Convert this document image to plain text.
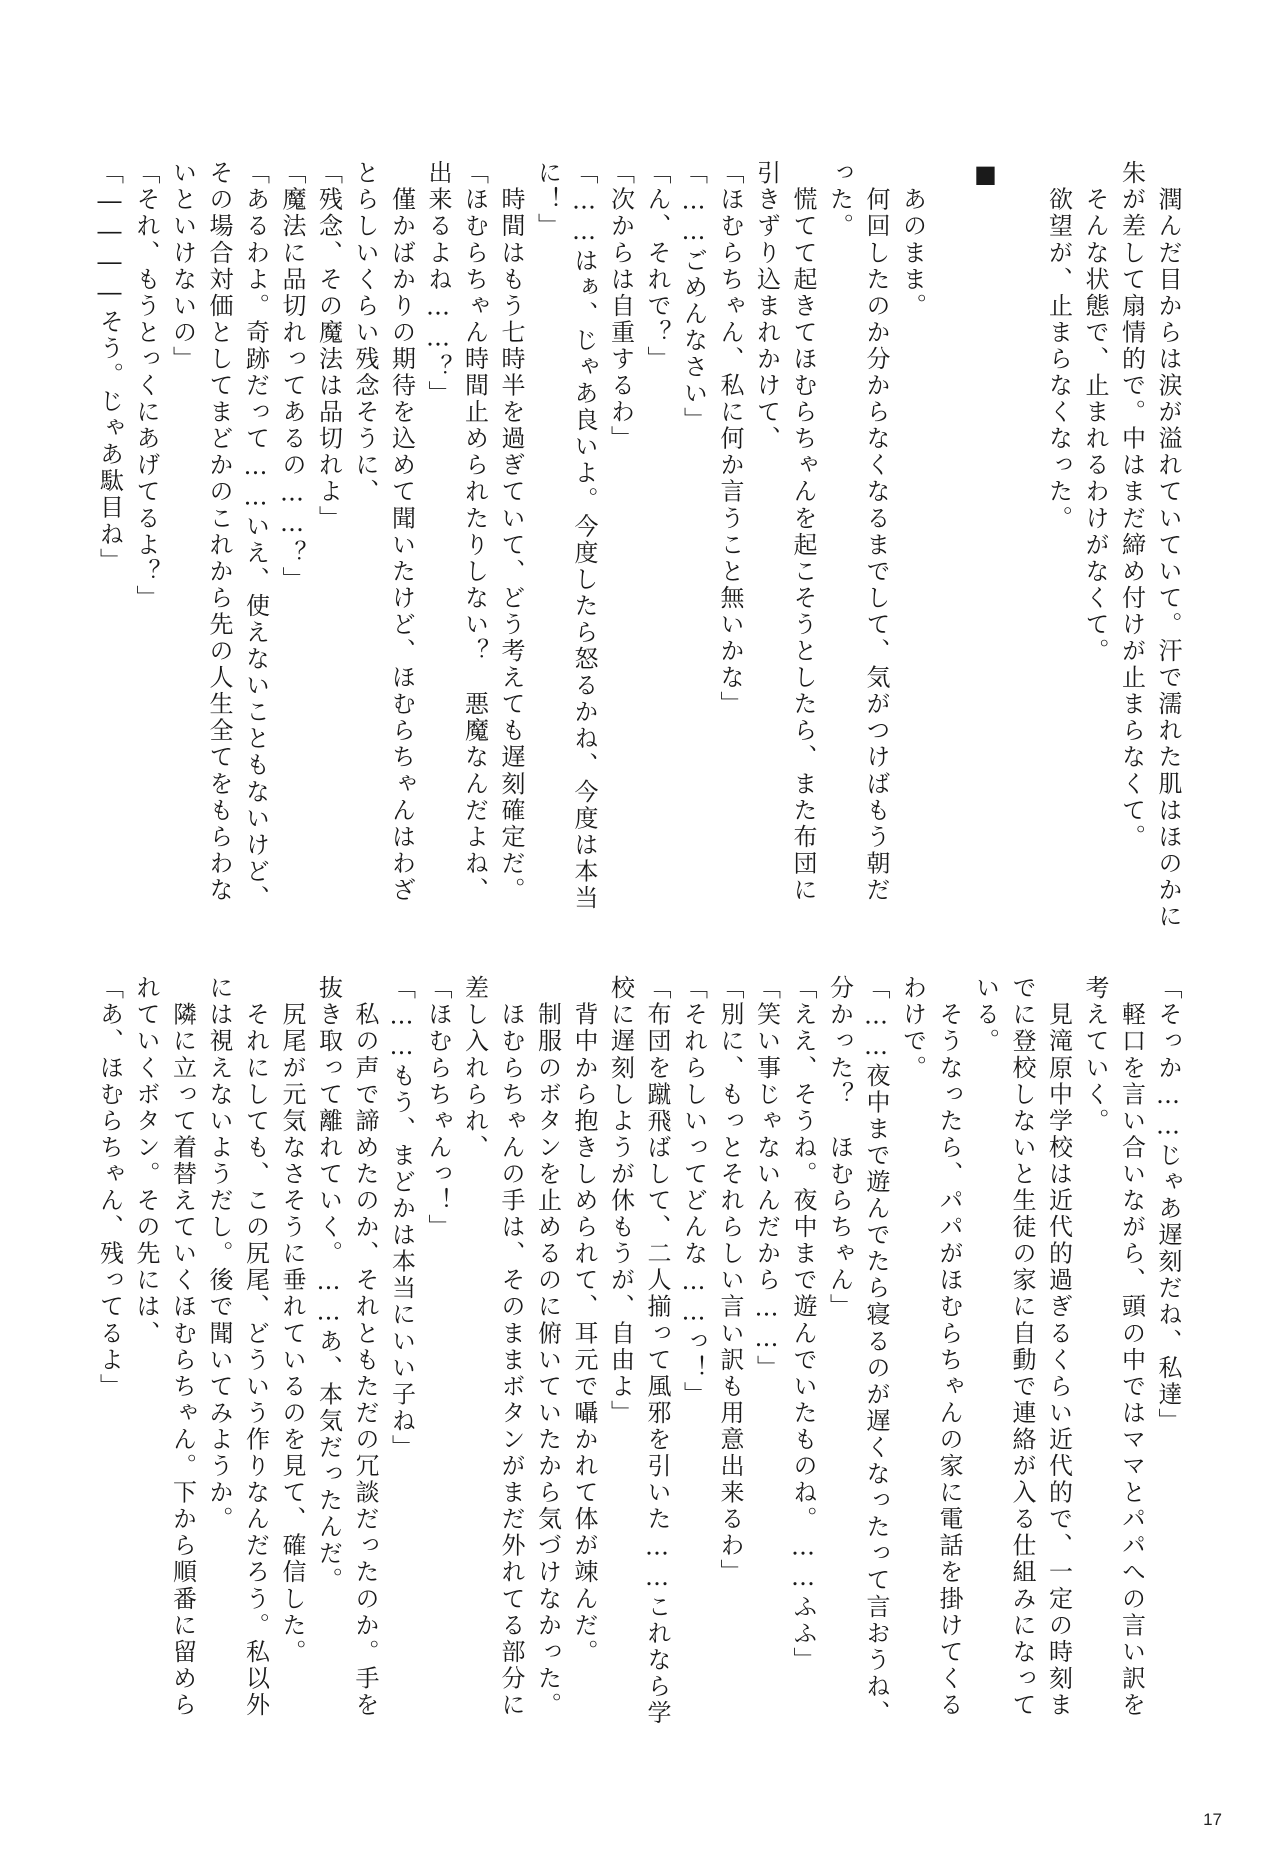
　潤んだ目からは涙が溢れていていて。汗で濡れた肌はほのかに
朱が差して扇情的で。中はまだ締め付けが止まらなくて。
　そんな状態で、止まれるわけがなくて。
　欲望が、止まらなくなった。
■
　あのまま。
　何回したのか分からなくなるまでして、気がつけばもう朝だ
った。
　慌てて起きてほむらちゃんを起こそうとしたら、また布団に
引きずり込まれかけて、
「ほむらちゃん、私に何か言うこと無いかな」
「……ごめんなさい」
「ん、それで？」
「次からは自重するわ」
「……はぁ、じゃあ良いよ。今度したら怒るかね、今度は本当
に！」
　時間はもう七時半を過ぎていて、どう考えても遅刻確定だ。
「ほむらちゃん時間止められたりしない？　悪魔なんだよね、
出来るよね……？」
　僅かばかりの期待を込めて聞いたけど、ほむらちゃんはわざ
とらしいくらい残念そうに、
「残念、その魔法は品切れよ」
「魔法に品切れってあるの……？」
「あるわよ。奇跡だって……いえ、使えないこともないけど、
その場合対価としてまどかのこれから先の人生全てをもらわな
いといけないの」
「それ、もうとっくにあげてるよ？」
「――――そう。じゃあ駄目ね」
「そっか……じゃあ遅刻だね、私達」
　軽口を言い合いながら、頭の中ではママとパパへの言い訳を
考えていく。
　見滝原中学校は近代的過ぎるくらい近代的で、一定の時刻ま
でに登校しないと生徒の家に自動で連絡が入る仕組みになって
いる。
　そうなったら、パパがほむらちゃんの家に電話を掛けてくる
わけで。
「……夜中まで遊んでたら寝るのが遅くなったって言おうね、
分かった？　ほむらちゃん」
「ええ、そうね。夜中まで遊んでいたものね。……ふふ」
「笑い事じゃないんだから……」
「別に、もっとそれらしい言い訳も用意出来るわ」
「それらしいってどんな……っ！」
「布団を蹴飛ばして、二人揃って風邪を引いた……これなら学
校に遅刻しようが休もうが、自由よ」
　背中から抱きしめられて、耳元で囁かれて体が竦んだ。
　制服のボタンを止めるのに俯いていたから気づけなかった。
　ほむらちゃんの手は、そのままボタンがまだ外れてる部分に
差し入れられ、
「ほむらちゃんっ！」
「……もう、まどかは本当にいい子ね」
　私の声で諦めたのか、それともただの冗談だったのか。手を
抜き取って離れていく。……あ、本気だったんだ。
　尻尾が元気なさそうに垂れているのを見て、確信した。
　それにしても、この尻尾、どういう作りなんだろう。私以外
には視えないようだし。後で聞いてみようか。
　隣に立って着替えていくほむらちゃん。下から順番に留めら
れていくボタン。その先には、
「あ、ほむらちゃん、残ってるよ」
17
